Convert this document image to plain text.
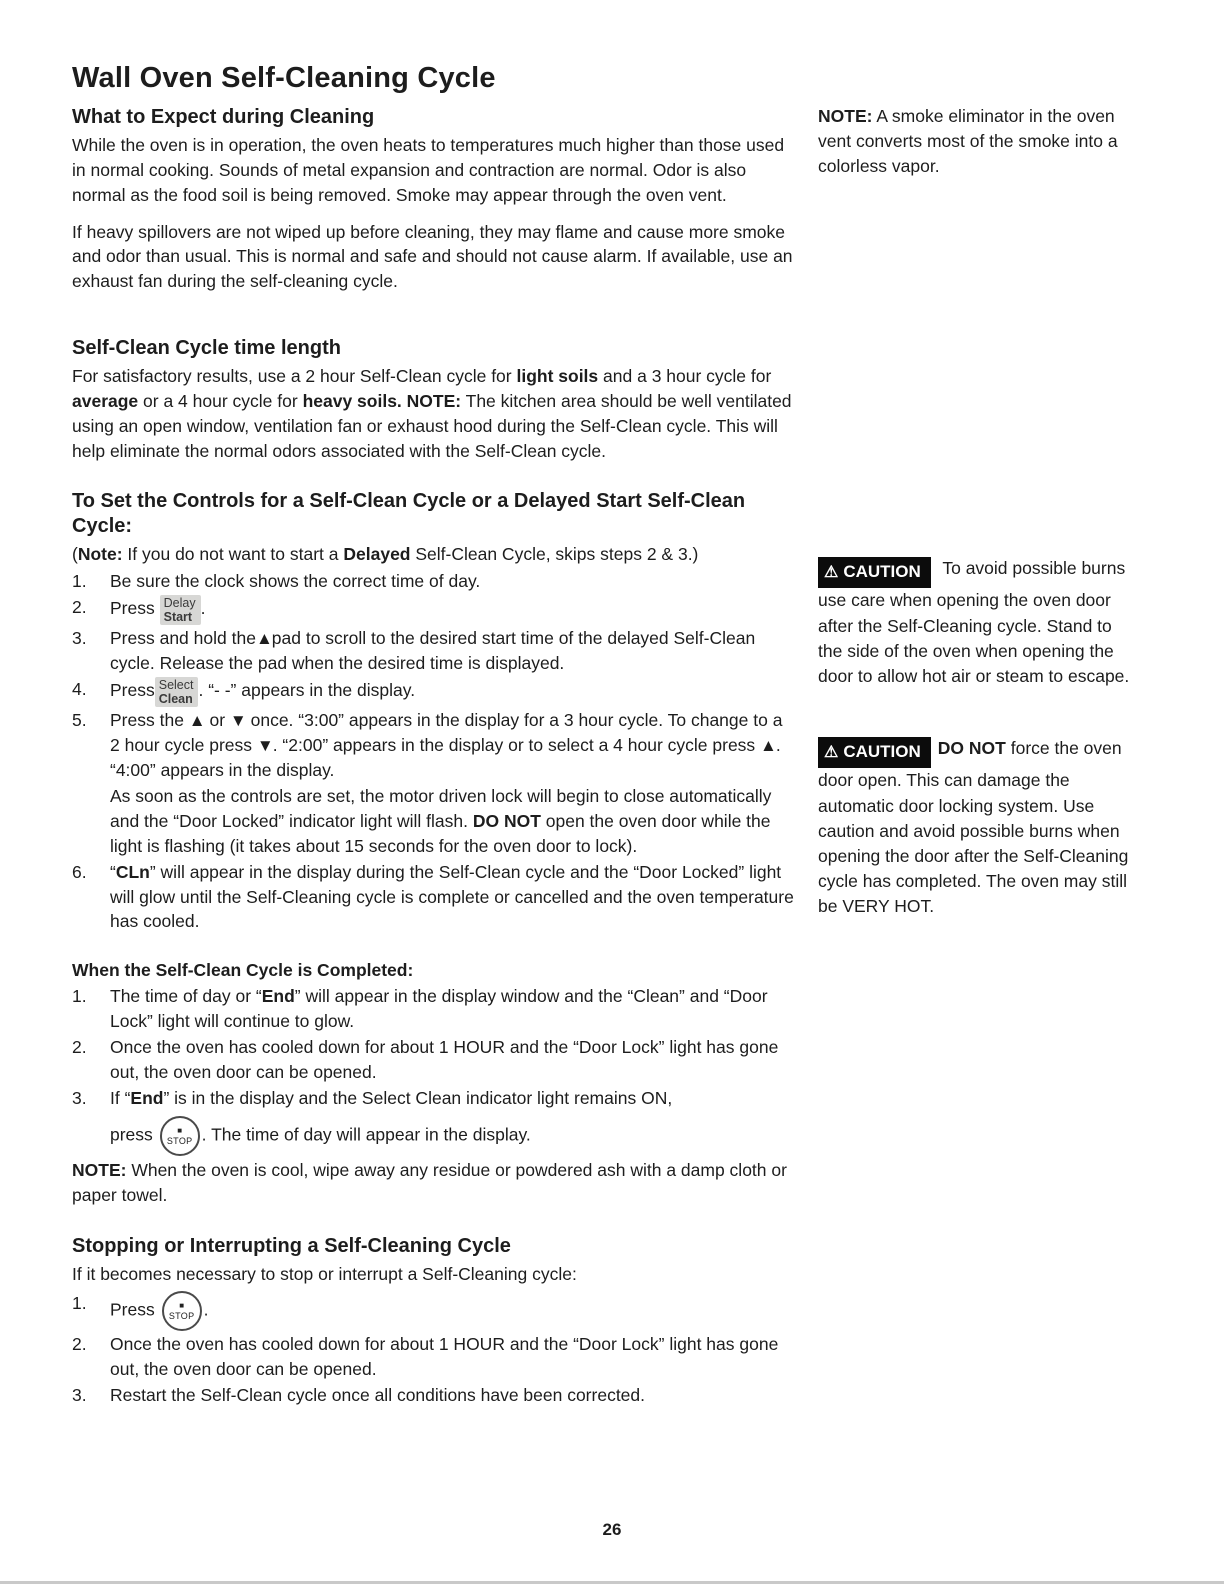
Wall Oven Self-Cleaning Cycle
What to Expect during Cleaning

While the oven is in operation, the oven heats to temperatures much higher than those used in normal cooking. Sounds of metal expansion and contraction are normal. Odor is also normal as the food soil is being removed. Smoke may appear through the oven vent.

If heavy spillovers are not wiped up before cleaning, they may flame and cause more smoke and odor than usual. This is normal and safe and should not cause alarm. If available, use an exhaust fan during the self-cleaning cycle.

Self-Clean Cycle time length

For satisfactory results, use a 2 hour Self-Clean cycle for light soils and a 3 hour cycle for average or a 4 hour cycle for heavy soils. NOTE: The kitchen area should be well ventilated using an open window, ventilation fan or exhaust hood during the Self-Clean cycle. This will help eliminate the normal odors associated with the Self-Clean cycle.

To Set the Controls for a Self-Clean Cycle or a Delayed Start Self-Clean Cycle:

(Note: If you do not want to start a Delayed Self-Clean Cycle, skips steps 2 & 3.)

1.	Be sure the clock shows the correct time of day.
2.	Press Delay
Start .
3.	Press and hold the▲pad to scroll to the desired start time of the delayed Self-Clean cycle. Release the pad when the desired time is displayed.
4.	Press Select
Clean . “- -” appears in the display.
5.	Press the ▲ or ▼ once. “3:00” appears in the display for a 3 hour cycle. To change to a 2 hour cycle press ▼. “2:00” appears in the display or to select a 4 hour cycle press ▲. “4:00” appears in the display.
As soon as the controls are set, the motor driven lock will begin to close automatically and the “Door Locked” indicator light will flash. DO NOT open the oven door while the light is flashing (it takes about 15 seconds for the oven door to lock).
6.	“CLn” will appear in the display during the Self-Clean cycle and the “Door Locked” light will glow until the Self-Cleaning cycle is complete or cancelled and the oven temperature has cooled.
When the Self-Clean Cycle is Completed:
1.	The time of day or “End” will appear in the display window and the “Clean” and “Door Lock” light will continue to glow.
2.	Once the oven has cooled down for about 1 HOUR and the “Door Lock” light has gone out, the oven door can be opened.
3.	If “End” is in the display and the Select Clean indicator light remains ON,
press ■
STOP . The time of day will appear in the display.

NOTE: When the oven is cool, wipe away any residue or powdered ash with a damp cloth or paper towel.

Stopping or Interrupting a Self-Cleaning Cycle

If it becomes necessary to stop or interrupt a Self-Cleaning cycle:

1.	Press ■
STOP .
2.	Once the oven has cooled down for about 1 HOUR and the “Door Lock” light has gone out, the oven door can be opened.
3.	Restart the Self-Clean cycle once all conditions have been corrected.
NOTE: A smoke eliminator in the oven vent converts most of the smoke into a colorless vapor.
⚠ CAUTION To avoid possible burns use care when opening the oven door after the Self-Cleaning cycle. Stand to the side of the oven when opening the door to allow hot air or steam to escape.
⚠ CAUTION DO NOT force the oven door open. This can damage the automatic door locking system. Use caution and avoid possible burns when opening the door after the Self-Cleaning cycle has completed. The oven may still be VERY HOT.
26
